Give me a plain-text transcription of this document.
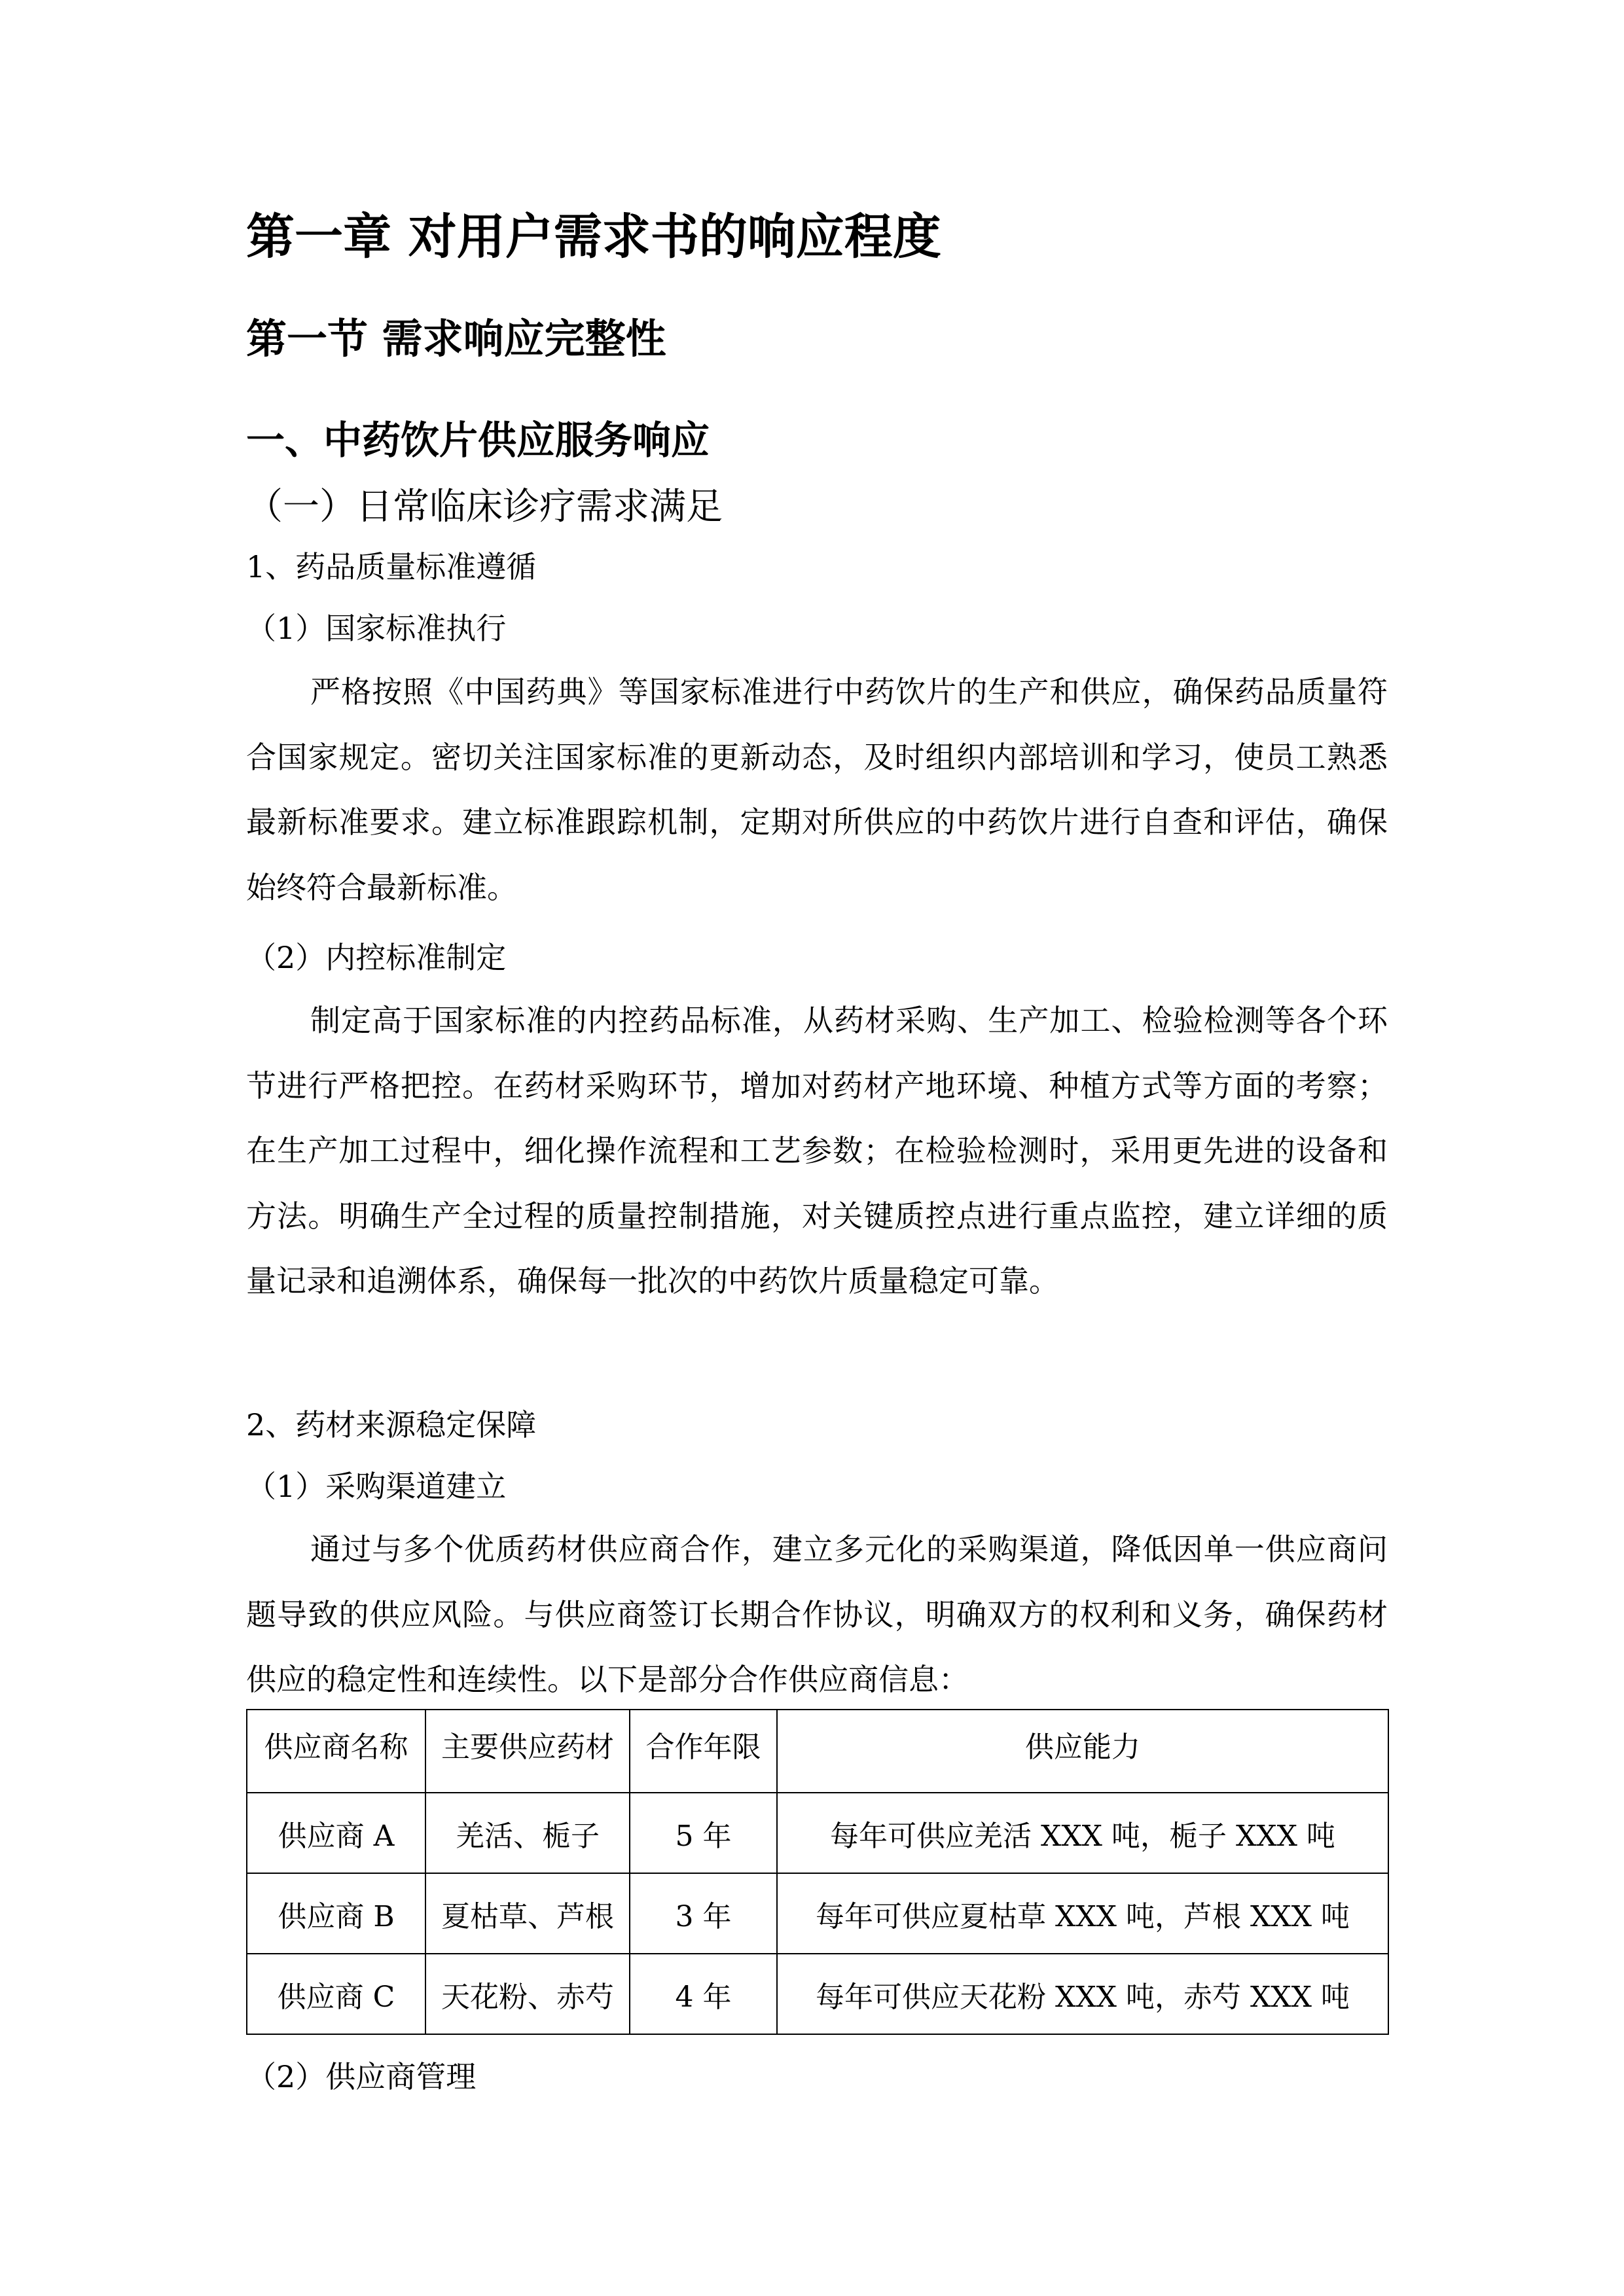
第一章 对用户需求书的响应程度
第一节 需求响应完整性
一、中药饮片供应服务响应
（一）日常临床诊疗需求满足
1、药品质量标准遵循
（1）国家标准执行
严格按照《中国药典》等国家标准进行中药饮片的生产和供应，确保药品质量符合国家规定。密切关注国家标准的更新动态，及时组织内部培训和学习，使员工熟悉最新标准要求。建立标准跟踪机制，定期对所供应的中药饮片进行自查和评估，确保始终符合最新标准。
（2）内控标准制定
制定高于国家标准的内控药品标准，从药材采购、生产加工、检验检测等各个环节进行严格把控。在药材采购环节，增加对药材产地环境、种植方式等方面的考察；在生产加工过程中，细化操作流程和工艺参数；在检验检测时，采用更先进的设备和方法。明确生产全过程的质量控制措施，对关键质控点进行重点监控，建立详细的质量记录和追溯体系，确保每一批次的中药饮片质量稳定可靠。
2、药材来源稳定保障
（1）采购渠道建立
通过与多个优质药材供应商合作，建立多元化的采购渠道，降低因单一供应商问题导致的供应风险。与供应商签订长期合作协议，明确双方的权利和义务，确保药材供应的稳定性和连续性。以下是部分合作供应商信息：
供应商名称	主要供应药材	合作年限	供应能力
供应商 A	羌活、栀子	5 年	每年可供应羌活 XXX 吨，栀子 XXX 吨
供应商 B	夏枯草、芦根	3 年	每年可供应夏枯草 XXX 吨，芦根 XXX 吨
供应商 C	天花粉、赤芍	4 年	每年可供应天花粉 XXX 吨，赤芍 XXX 吨
（2）供应商管理
